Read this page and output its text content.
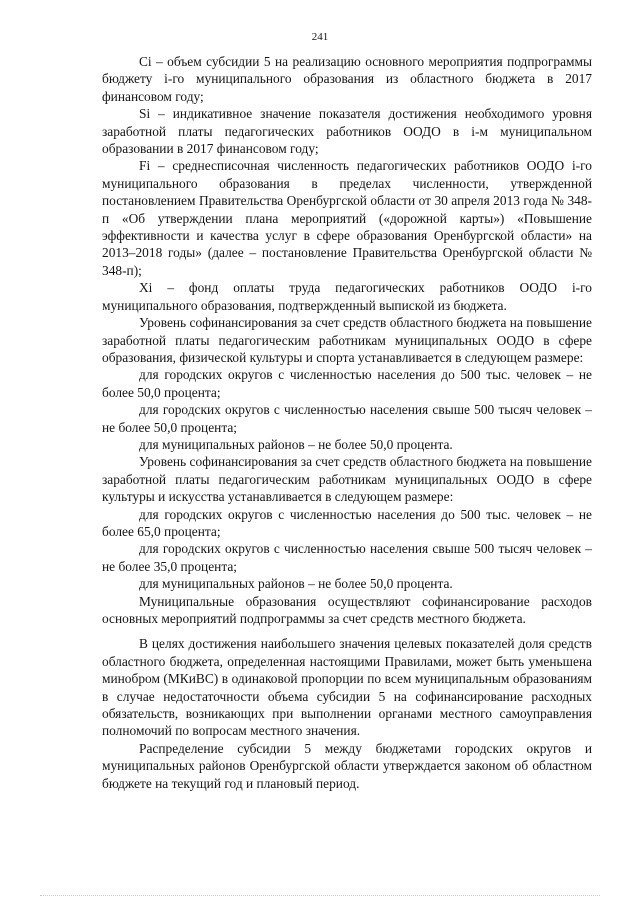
241

Ci – объем субсидии 5 на реализацию основного мероприятия подпрограммы бюджету i-го муниципального образования из областного бюджета в 2017 финансовом году;

Si – индикативное значение показателя достижения необходимого уровня заработной платы педагогических работников ООДО в i-м муниципальном образовании в 2017 финансовом году;

Fi – среднесписочная численность педагогических работников ООДО i-го муниципального образования в пределах численности, утвержденной постановлением Правительства Оренбургской области от 30 апреля 2013 года № 348-п «Об утверждении плана мероприятий («дорожной карты») «Повышение эффективности и качества услуг в сфере образования Оренбургской области» на 2013–2018 годы» (далее – постановление Правительства Оренбургской области № 348-п);

Xi – фонд оплаты труда педагогических работников ООДО i-го муниципального образования, подтвержденный выпиской из бюджета.

Уровень софинансирования за счет средств областного бюджета на повышение заработной платы педагогическим работникам муниципальных ООДО в сфере образования, физической культуры и спорта устанавливается в следующем размере:

для городских округов с численностью населения до 500 тыс. человек – не более 50,0 процента;

для городских округов с численностью населения свыше 500 тысяч человек – не более 50,0 процента;

для муниципальных районов – не более 50,0 процента.

Уровень софинансирования за счет средств областного бюджета на повышение заработной платы педагогическим работникам муниципальных ООДО в сфере культуры и искусства устанавливается в следующем размере:

для городских округов с численностью населения до 500 тыс. человек – не более 65,0 процента;

для городских округов с численностью населения свыше 500 тысяч человек – не более 35,0 процента;

для муниципальных районов – не более 50,0 процента.

Муниципальные образования осуществляют софинансирование расходов основных мероприятий подпрограммы за счет средств местного бюджета.

В целях достижения наибольшего значения целевых показателей доля средств областного бюджета, определенная настоящими Правилами, может быть уменьшена минобром (МКиВС) в одинаковой пропорции по всем муниципальным образованиям в случае недостаточности объема субсидии 5 на софинансирование расходных обязательств, возникающих при выполнении органами местного самоуправления полномочий по вопросам местного значения.

Распределение субсидии 5 между бюджетами городских округов и муниципальных районов Оренбургской области утверждается законом об областном бюджете на текущий год и плановый период.
